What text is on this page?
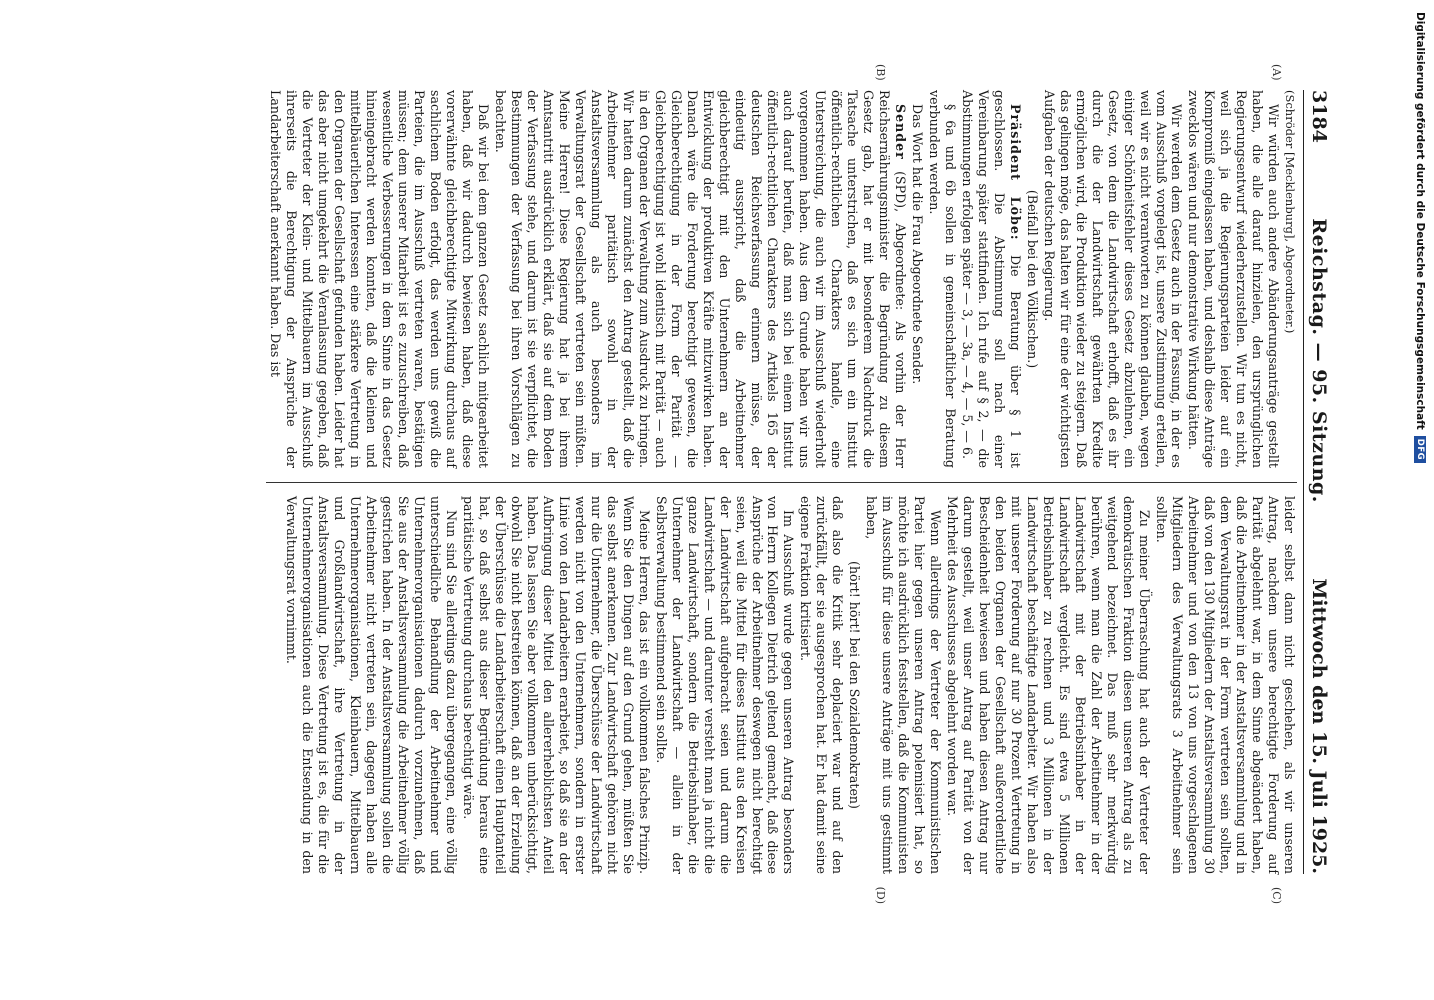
3184
Reichstag. — 95. Sitzung.
Mittwoch den 15. Juli 1925.
(A)
(B)
(C)
(D)

(Schröder [Mecklenburg], Abgeordneter.)

Wir würden auch andere Abänderungsanträge gestellt haben, die alle darauf hinzielen, den ursprünglichen Regierungsentwurf wiederherzustellen. Wir tun es nicht, weil sich ja die Regierungsparteien leider auf ein Kompromiß eingelassen haben, und deshalb diese Anträge zwecklos wären und nur demonstrative Wirkung hätten.

Wir werden dem Gesetz auch in der Fassung, in der es vom Ausschuß vorgelegt ist, unsere Zustimmung erteilen, weil wir es nicht verantworten zu können glauben, wegen einiger Schönheitsfehler dieses Gesetz abzulehnen, ein Gesetz, von dem die Landwirtschaft erhofft, daß es ihr durch die der Landwirtschaft gewährten Kredite ermöglichen wird, die Produktion wieder zu steigern. Daß das gelingen möge, das halten wir für eine der wichtigsten Aufgaben der deutschen Regierung.

(Beifall bei den Völkischen.)

Präsident Löbe: Die Beratung über § 1 ist geschlossen. Die Abstimmung soll nach einer Vereinbarung später stattfinden. Ich rufe auf § 2, — die Abstimmungen erfolgen später — 3, — 3a, — 4, — 5, — 6.

§ 6a und 6b sollen in gemeinschaftlicher Beratung verbunden werden.

Das Wort hat die Frau Abgeordnete Sender.

Sender (SPD), Abgeordnete: Als vorhin der Herr Reichsernährungsminister die Begründung zu diesem Gesetz gab, hat er mit besonderem Nachdruck die Tatsache unterstrichen, daß es sich um ein Institut öffentlich-rechtlichen Charakters handle, eine Unterstreichung, die auch wir im Ausschuß wiederholt vorgenommen haben. Aus dem Grunde haben wir uns auch darauf berufen, daß man sich bei einem Institut öffentlich-rechtlichen Charakters des Artikels 165 der deutschen Reichsverfassung erinnern müsse, der eindeutig ausspricht, daß die Arbeitnehmer gleichberechtigt mit den Unternehmern an der Entwicklung der produktiven Kräfte mitzuwirken haben. Danach wäre die Forderung berechtigt gewesen, die Gleichberechtigung in der Form der Parität — Gleichberechtigung ist wohl identisch mit Parität — auch in den Organen der Verwaltung zum Ausdruck zu bringen. Wir hatten darum zunächst den Antrag gestellt, daß die Arbeitnehmer paritätisch sowohl in der Anstaltsversammlung als auch besonders im Verwaltungsrat der Gesellschaft vertreten sein müßten. Meine Herren! Diese Regierung hat ja bei ihrem Amtsantritt ausdrücklich erklärt, daß sie auf dem Boden der Verfassung stehe, und darum ist sie verpflichtet, die Bestimmungen der Verfassung bei ihren Vorschlägen zu beachten.

Daß wir bei dem ganzen Gesetz sachlich mitgearbeitet haben, daß wir dadurch bewiesen haben, daß diese vorerwähnte gleichberechtigte Mitwirkung durchaus auf sachlichem Boden erfolgt, das werden uns gewiß die Parteien, die im Ausschuß vertreten waren, bestätigen müssen; dem unserer Mitarbeit ist es zuzuschreiben, daß wesentliche Verbesserungen in dem Sinne in das Gesetz hineingebracht werden konnten, daß die kleinen und mittelbäuerlichen Interessen eine stärkere Vertretung in den Organen der Gesellschaft gefunden haben. Leider hat das aber nicht umgekehrt die Veranlassung gegeben, daß die Vertreter der Klein- und Mittelbauern im Ausschuß ihrerseits die Berechtigung der Ansprüche der Landarbeiterschaft anerkannt haben. Das ist

leider selbst dann nicht geschehen, als wir unseren Antrag, nachdem unsere berechtigte Forderung auf Parität abgelehnt war, in dem Sinne abgeändert haben, daß die Arbeitnehmer in der Anstaltsversammlung und in dem Verwaltungsrat in der Form vertreten sein sollten, daß von den 130 Mitgliedern der Anstaltsversammlung 30 Arbeitnehmer und von den 13 von uns vorgeschlagenen Mitgliedern des Verwaltungsrats 3 Arbeitnehmer sein sollten.

Zu meiner Überraschung hat auch der Vertreter der demokratischen Fraktion diesen unseren Antrag als zu weitgehend bezeichnet. Das muß sehr merkwürdig berühren, wenn man die Zahl der Arbeitnehmer in der Landwirtschaft mit der Betriebsinhaber in der Landwirtschaft vergleicht. Es sind etwa 5 Millionen Betriebsinhaber zu rechnen und 3 Millionen in der Landwirtschaft beschäftigte Landarbeiter. Wir haben also mit unserer Forderung auf nur 30 Prozent Vertretung in den beiden Organen der Gesellschaft außerordentliche Bescheidenheit bewiesen und haben diesen Antrag nur darum gestellt, weil unser Antrag auf Parität von der Mehrheit des Ausschusses abgelehnt worden war.

Wenn allerdings der Vertreter der Kommunistischen Partei hier gegen unseren Antrag polemisiert hat, so möchte ich ausdrücklich feststellen, daß die Kommunisten im Ausschuß für diese unsere Anträge mit uns gestimmt haben,

(hört! hört! bei den Sozialdemokraten)

daß also die Kritik sehr deplaciert war und auf den zurückfällt, der sie ausgesprochen hat. Er hat damit seine eigene Fraktion kritisiert.

Im Ausschuß wurde gegen unseren Antrag besonders von Herrn Kollegen Dietrich geltend gemacht, daß diese Ansprüche der Arbeitnehmer deswegen nicht berechtigt seien, weil die Mittel für dieses Institut aus den Kreisen der Landwirtschaft aufgebracht seien und darum die Landwirtschaft — und darunter versteht man ja nicht die ganze Landwirtschaft, sondern die Betriebsinhaber, die Unternehmer der Landwirtschaft — allein in der Selbstverwaltung bestimmend sein sollte.

Meine Herren, das ist ein vollkommen falsches Prinzip. Wenn Sie den Dingen auf den Grund gehen, müßten Sie das selbst anerkennen. Zur Landwirtschaft gehören nicht nur die Unternehmer, die Überschüsse der Landwirtschaft werden nicht von den Unternehmern, sondern in erster Linie von den Landarbeitern erarbeitet, so daß sie an der Aufbringung dieser Mittel den allererheblichsten Anteil haben. Das lassen Sie aber vollkommen unberücksichtigt, obwohl Sie nicht bestreiten können, daß an der Erzielung der Überschüsse die Landarbeiterschaft einen Hauptanteil hat, so daß selbst aus dieser Begründung heraus eine paritätische Vertretung durchaus berechtigt wäre.

Nun sind Sie allerdings dazu übergegangen, eine völlig unterschiedliche Behandlung der Arbeitnehmer und Unternehmerorganisationen dadurch vorzunehmen, daß Sie aus der Anstaltsversammlung die Arbeitnehmer völlig gestrichen haben. In der Anstaltsversammlung sollen die Arbeitnehmer nicht vertreten sein, dagegen haben alle Unternehmerorganisationen, Kleinbauern, Mittelbauern und Großlandwirtschaft, ihre Vertretung in der Anstaltsversammlung. Diese Vertretung ist es, die für die Unternehmerorganisationen auch die Entsendung in den Verwaltungsrat vornimmt.

Digitalisierung gefördert durch die Deutsche Forschungsgemeinschaft
DFG
